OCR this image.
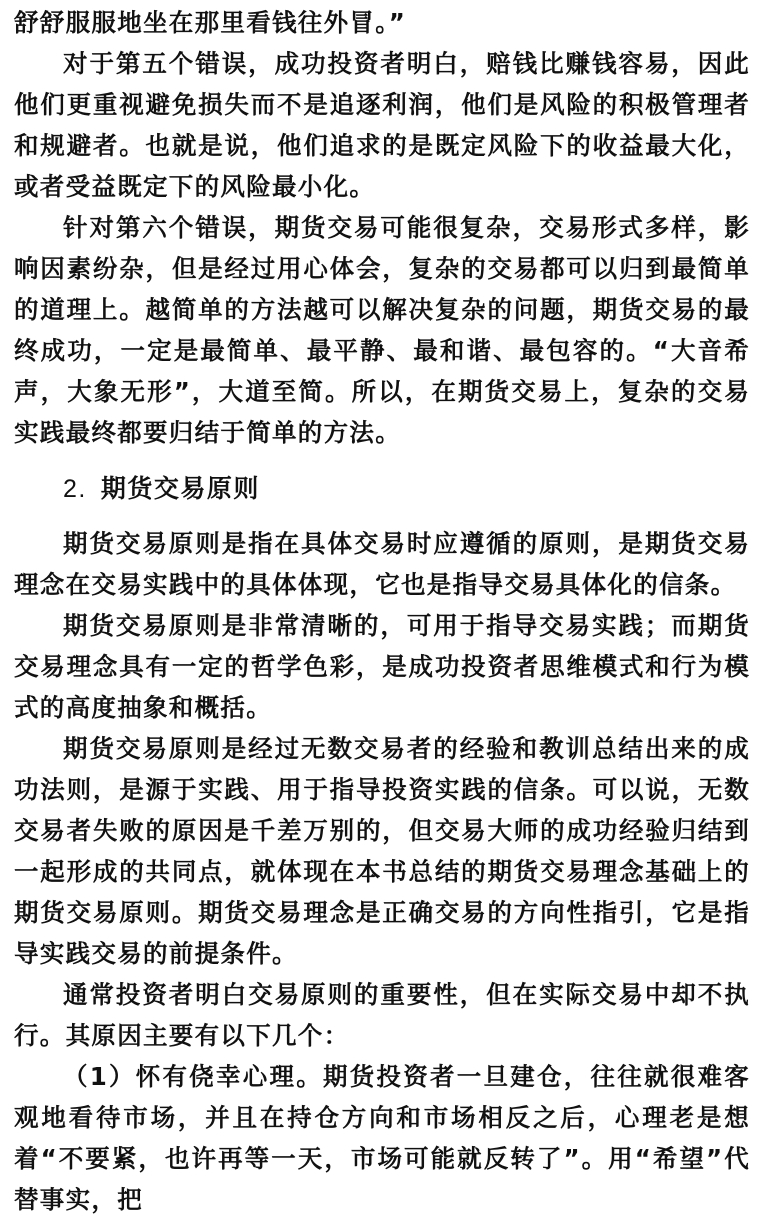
舒舒服服地坐在那里看钱往外冒。”

对于第五个错误，成功投资者明白，赔钱比赚钱容易，因此他们更重视避免损失而不是追逐利润，他们是风险的积极管理者和规避者。也就是说，他们追求的是既定风险下的收益最大化，或者受益既定下的风险最小化。

针对第六个错误，期货交易可能很复杂，交易形式多样，影响因素纷杂，但是经过用心体会，复杂的交易都可以归到最简单的道理上。越简单的方法越可以解决复杂的问题，期货交易的最终成功，一定是最简单、最平静、最和谐、最包容的。“大音希声，大象无形”，大道至简。所以，在期货交易上，复杂的交易实践最终都要归结于简单的方法。

2. 期货交易原则

期货交易原则是指在具体交易时应遵循的原则，是期货交易理念在交易实践中的具体体现，它也是指导交易具体化的信条。

期货交易原则是非常清晰的，可用于指导交易实践；而期货交易理念具有一定的哲学色彩，是成功投资者思维模式和行为模式的高度抽象和概括。

期货交易原则是经过无数交易者的经验和教训总结出来的成功法则，是源于实践、用于指导投资实践的信条。可以说，无数交易者失败的原因是千差万别的，但交易大师的成功经验归结到一起形成的共同点，就体现在本书总结的期货交易理念基础上的期货交易原则。期货交易理念是正确交易的方向性指引，它是指导实践交易的前提条件。

通常投资者明白交易原则的重要性，但在实际交易中却不执行。其原因主要有以下几个：

（1）怀有侥幸心理。期货投资者一旦建仓，往往就很难客观地看待市场，并且在持仓方向和市场相反之后，心理老是想着“不要紧，也许再等一天，市场可能就反转了”。用“希望”代替事实，把
